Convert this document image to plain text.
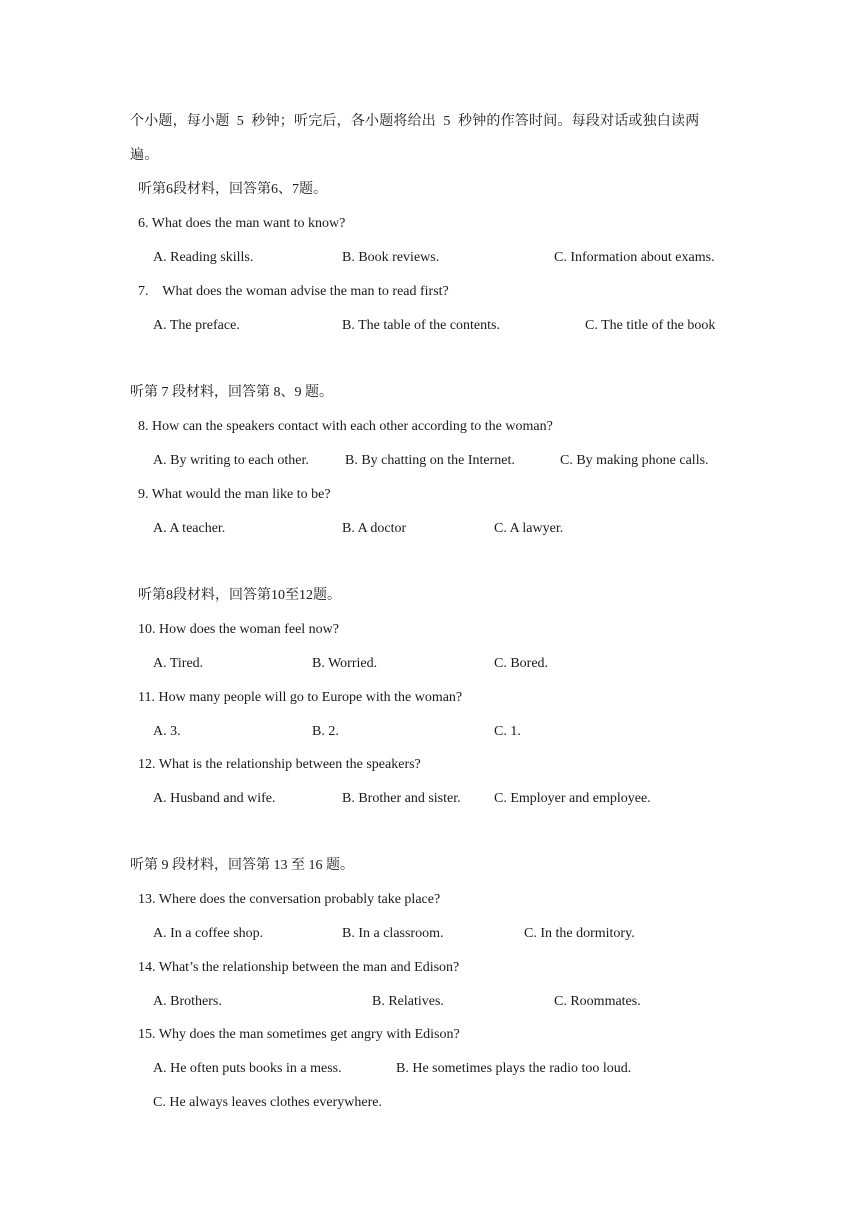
个小题，每小题  5  秒钟；听完后，各小题将给出  5  秒钟的作答时间。每段对话或独白读两
遍。
听第6段材料，回答第6、7题。
6. What does the man want to know?
A. Reading skills.	B. Book reviews.	C. Information about exams.
7.    What does the woman advise the man to read first?
A. The preface.	B. The table of the contents.	C. The title of the book
听第 7 段材料，回答第 8、9 题。
8. How can the speakers contact with each other according to the woman?
A. By writing to each other.	B. By chatting on the Internet.	C. By making phone calls.
9. What would the man like to be?
A. A teacher.	B. A doctor	C. A lawyer.
听第8段材料，回答第10至12题。
10. How does the woman feel now?
A. Tired.	B. Worried.	C. Bored.
11. How many people will go to Europe with the woman?
A. 3.	B. 2.	C. 1.
12. What is the relationship between the speakers?
A. Husband and wife.	B. Brother and sister. C. Employer and employee.
听第 9 段材料，回答第 13 至 16 题。
13. Where does the conversation probably take place?
A. In a coffee shop.	B. In a classroom.	C. In the dormitory.
14. What’s the relationship between the man and Edison?
A. Brothers.	B. Relatives.	C. Roommates.
15. Why does the man sometimes get angry with Edison?
A. He often puts books in a mess.	B. He sometimes plays the radio too loud.
C. He always leaves clothes everywhere.
